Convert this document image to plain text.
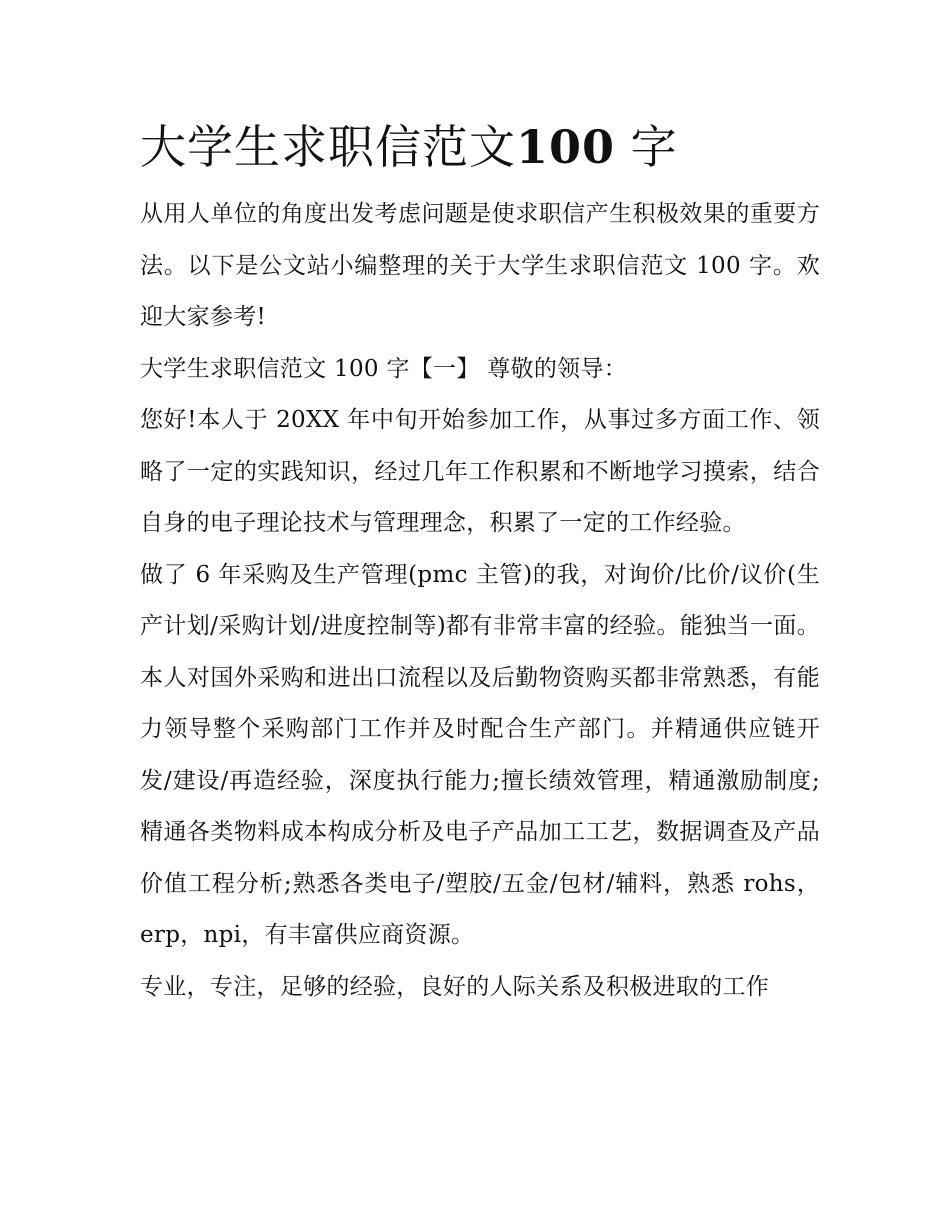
大学生求职信范文100 字

从用人单位的角度出发考虑问题是使求职信产生积极效果的重要方法。以下是公文站小编整理的关于大学生求职信范文 100 字。欢迎大家参考!

大学生求职信范文 100 字【一】 尊敬的领导：

您好!本人于 20XX 年中旬开始参加工作，从事过多方面工作、领略了一定的实践知识，经过几年工作积累和不断地学习摸索，结合自身的电子理论技术与管理理念，积累了一定的工作经验。

做了 6 年采购及生产管理(pmc 主管)的我，对询价/比价/议价(生产计划/采购计划/进度控制等)都有非常丰富的经验。能独当一面。本人对国外采购和进出口流程以及后勤物资购买都非常熟悉，有能力领导整个采购部门工作并及时配合生产部门。并精通供应链开发/建设/再造经验，深度执行能力;擅长绩效管理，精通激励制度;精通各类物料成本构成分析及电子产品加工工艺，数据调查及产品价值工程分析;熟悉各类电子/塑胶/五金/包材/辅料，熟悉 rohs，erp，npi，有丰富供应商资源。

专业，专注，足够的经验，良好的人际关系及积极进取的工作
